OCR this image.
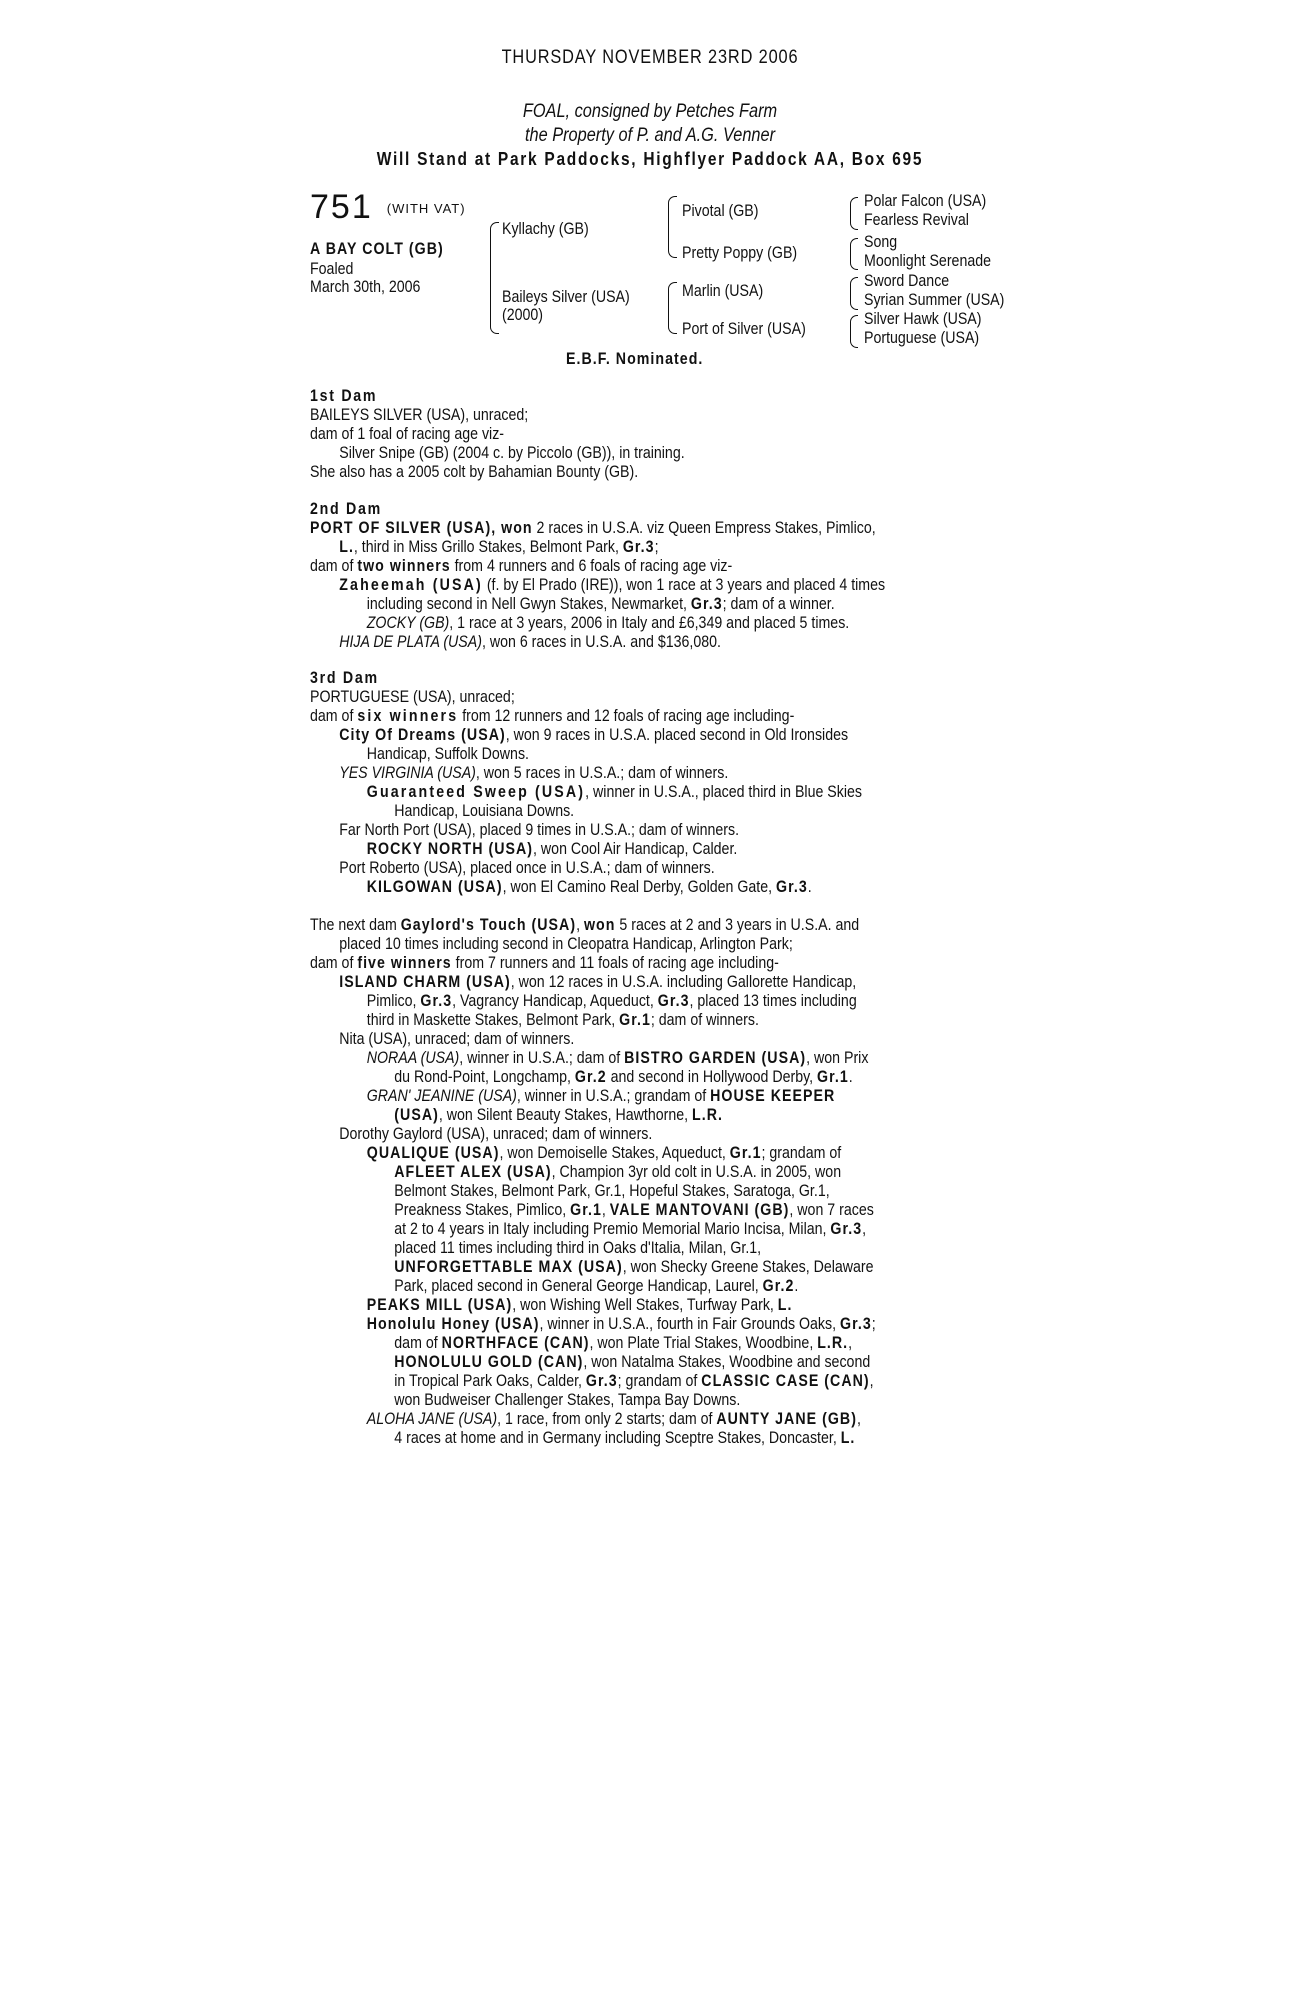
THURSDAY NOVEMBER 23RD 2006
FOAL, consigned by Petches Farm
the Property of P. and A.G. Venner
Will Stand at Park Paddocks, Highflyer Paddock AA, Box 695
751 (WITH VAT)
A BAY COLT (GB)
Foaled
March 30th, 2006
Kyllachy (GB)
Baileys Silver (USA)
(2000)
Pivotal (GB)
Pretty Poppy (GB)
Marlin (USA)
Port of Silver (USA)
Polar Falcon (USA)
Fearless Revival
Song
Moonlight Serenade
Sword Dance
Syrian Summer (USA)
Silver Hawk (USA)
Portuguese (USA)
E.B.F. Nominated.
1st Dam
BAILEYS SILVER (USA), unraced;
dam of 1 foal of racing age viz-
Silver Snipe (GB) (2004 c. by Piccolo (GB)), in training.
She also has a 2005 colt by Bahamian Bounty (GB).
2nd Dam
PORT OF SILVER (USA), won 2 races in U.S.A. viz Queen Empress Stakes, Pimlico,
L., third in Miss Grillo Stakes, Belmont Park, Gr.3;
dam of two winners from 4 runners and 6 foals of racing age viz-
Zaheemah (USA) (f. by El Prado (IRE)), won 1 race at 3 years and placed 4 times
including second in Nell Gwyn Stakes, Newmarket, Gr.3; dam of a winner.
ZOCKY (GB), 1 race at 3 years, 2006 in Italy and £6,349 and placed 5 times.
HIJA DE PLATA (USA), won 6 races in U.S.A. and $136,080.
3rd Dam
PORTUGUESE (USA), unraced;
dam of six winners from 12 runners and 12 foals of racing age including-
City Of Dreams (USA), won 9 races in U.S.A. placed second in Old Ironsides
Handicap, Suffolk Downs.
YES VIRGINIA (USA), won 5 races in U.S.A.; dam of winners.
Guaranteed Sweep (USA), winner in U.S.A., placed third in Blue Skies
Handicap, Louisiana Downs.
Far North Port (USA), placed 9 times in U.S.A.; dam of winners.
ROCKY NORTH (USA), won Cool Air Handicap, Calder.
Port Roberto (USA), placed once in U.S.A.; dam of winners.
KILGOWAN (USA), won El Camino Real Derby, Golden Gate, Gr.3.
The next dam Gaylord's Touch (USA), won 5 races at 2 and 3 years in U.S.A. and
placed 10 times including second in Cleopatra Handicap, Arlington Park;
dam of five winners from 7 runners and 11 foals of racing age including-
ISLAND CHARM (USA), won 12 races in U.S.A. including Gallorette Handicap,
Pimlico, Gr.3, Vagrancy Handicap, Aqueduct, Gr.3, placed 13 times including
third in Maskette Stakes, Belmont Park, Gr.1; dam of winners.
Nita (USA), unraced; dam of winners.
NORAA (USA), winner in U.S.A.; dam of BISTRO GARDEN (USA), won Prix
du Rond-Point, Longchamp, Gr.2 and second in Hollywood Derby, Gr.1.
GRAN' JEANINE (USA), winner in U.S.A.; grandam of HOUSE KEEPER
(USA), won Silent Beauty Stakes, Hawthorne, L.R.
Dorothy Gaylord (USA), unraced; dam of winners.
QUALIQUE (USA), won Demoiselle Stakes, Aqueduct, Gr.1; grandam of
AFLEET ALEX (USA), Champion 3yr old colt in U.S.A. in 2005, won
Belmont Stakes, Belmont Park, Gr.1, Hopeful Stakes, Saratoga, Gr.1,
Preakness Stakes, Pimlico, Gr.1, VALE MANTOVANI (GB), won 7 races
at 2 to 4 years in Italy including Premio Memorial Mario Incisa, Milan, Gr.3,
placed 11 times including third in Oaks d'Italia, Milan, Gr.1,
UNFORGETTABLE MAX (USA), won Shecky Greene Stakes, Delaware
Park, placed second in General George Handicap, Laurel, Gr.2.
PEAKS MILL (USA), won Wishing Well Stakes, Turfway Park, L.
Honolulu Honey (USA), winner in U.S.A., fourth in Fair Grounds Oaks, Gr.3;
dam of NORTHFACE (CAN), won Plate Trial Stakes, Woodbine, L.R.,
HONOLULU GOLD (CAN), won Natalma Stakes, Woodbine and second
in Tropical Park Oaks, Calder, Gr.3; grandam of CLASSIC CASE (CAN),
won Budweiser Challenger Stakes, Tampa Bay Downs.
ALOHA JANE (USA), 1 race, from only 2 starts; dam of AUNTY JANE (GB),
4 races at home and in Germany including Sceptre Stakes, Doncaster, L.
